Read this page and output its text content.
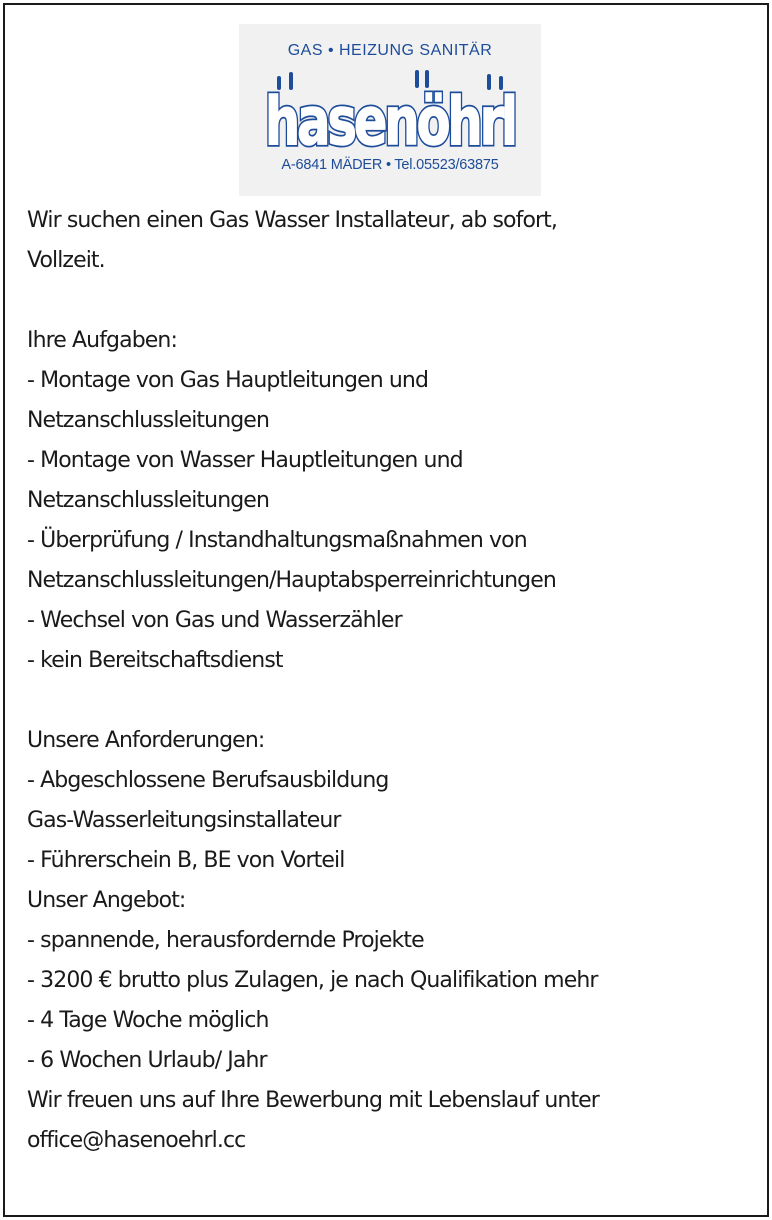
GAS • HEIZUNG SANITÄR
hasenöhrl
hasenöhrl
A-6841 MÄDER • Tel.05523/63875
Wir suchen einen Gas Wasser Installateur, ab sofort,
Vollzeit.
Ihre Aufgaben:
- Montage von Gas Hauptleitungen und
Netzanschlussleitungen
- Montage von Wasser Hauptleitungen und
Netzanschlussleitungen
- Überprüfung / Instandhaltungsmaßnahmen von
Netzanschlussleitungen/Hauptabsperreinrichtungen
- Wechsel von Gas und Wasserzähler
- kein Bereitschaftsdienst
Unsere Anforderungen:
- Abgeschlossene Berufsausbildung
Gas-Wasserleitungsinstallateur
- Führerschein B, BE von Vorteil
Unser Angebot:
- spannende, herausfordernde Projekte
- 3200 € brutto plus Zulagen, je nach Qualifikation mehr
- 4 Tage Woche möglich
- 6 Wochen Urlaub/ Jahr
Wir freuen uns auf Ihre Bewerbung mit Lebenslauf unter
office@hasenoehrl.cc
